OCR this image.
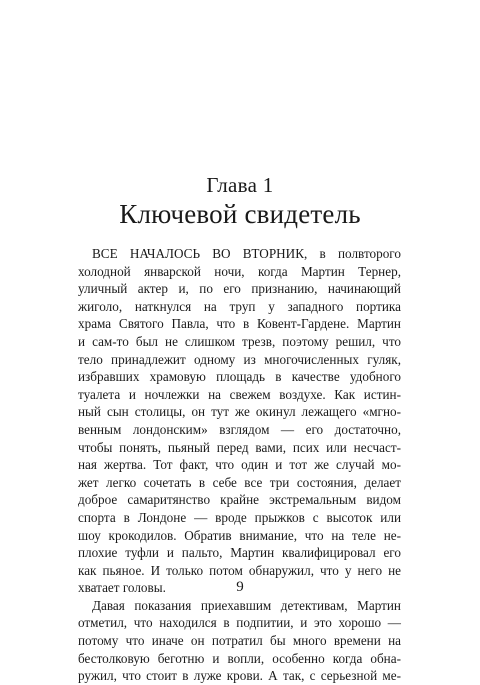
Глава 1
Ключевой свидетель
ВСЕ НАЧАЛОСЬ ВО ВТОРНИК, в полвторого
холодной январской ночи, когда Мартин Тернер,
уличный актер и, по его признанию, начинающий
жиголо, наткнулся на труп у западного портика
храма Святого Павла, что в Ковент-Гардене. Мартин
и сам-то был не слишком трезв, поэтому решил, что
тело принадлежит одному из многочисленных гуляк,
избравших храмовую площадь в качестве удобного
туалета и ночлежки на свежем воздухе. Как истин-
ный сын столицы, он тут же окинул лежащего «мгно-
венным лондонским» взглядом — его достаточно,
чтобы понять, пьяный перед вами, псих или несчаст-
ная жертва. Тот факт, что один и тот же случай мо-
жет легко сочетать в себе все три состояния, делает
доброе самаритянство крайне экстремальным видом
спорта в Лондоне — вроде прыжков с высоток или
шоу крокодилов. Обратив внимание, что на теле не-
плохие туфли и пальто, Мартин квалифицировал его
как пьяное. И только потом обнаружил, что у него не
хватает головы.
Давая показания приехавшим детективам, Мартин
отметил, что находился в подпитии, и это хорошо —
потому что иначе он потратил бы много времени на
бестолковую беготню и вопли, особенно когда обна-
ружил, что стоит в луже крови. А так, с серьезной ме-
9
